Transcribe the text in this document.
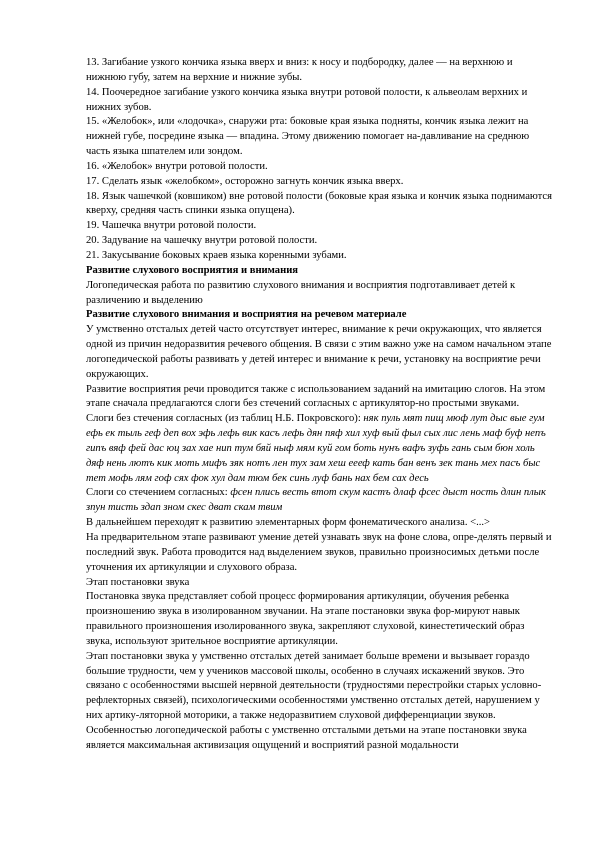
13. Загибание узкого кончика языка вверх и вниз: к носу и подбородку, далее — на верхнюю и нижнюю губу, затем на верхние и нижние зубы.

14. Поочередное загибание узкого кончика языка внутри ротовой полости, к альвеолам верхних и нижних зубов.

15. «Желобок», или «лодочка», снаружи рта: боковые края языка подняты, кончик языка лежит на нижней губе, посредине языка — впадина. Этому движению помогает на-давливание на среднюю часть языка шпателем или зондом.

16. «Желобок» внутри ротовой полости.

17. Сделать язык «желобком», осторожно загнуть кончик языка вверх.

18. Язык чашечкой (ковшиком) вне ротовой полости (боковые края языка и кончик языка поднимаются кверху, средняя часть спинки языка опущена).

19. Чашечка внутри ротовой полости.

20. Задувание на чашечку внутри ротовой полости.

21. Закусывание боковых краев языка коренными зубами.

Развитие слухового восприятия и внимания

Логопедическая работа по развитию слухового внимания и восприятия подготавливает детей к различению и выделению

Развитие слухового внимания и восприятия на речевом материале

У умственно отсталых детей часто отсутствует интерес, внимание к речи окружающих, что является одной из причин недоразвития речевого общения. В связи с этим важно уже на самом начальном этапе логопедической работы развивать у детей интерес и внимание к речи, установку на восприятие речи окружающих.

Развитие восприятия речи проводится также с использованием заданий на имитацию слогов. На этом этапе сначала предлагаются слоги без стечений согласных с артикулятор-но простыми звуками.

Слоги без стечения согласных (из таблиц Н.Б. Покровского): няк пуль мят пищ мюф лут дыс вые гум ефь ек тыль геф деп вох эфь лефь вик касъ лефь дян пяф хил хуф вый фыл сых лис лень маф буф непъ гипъ вяф фей дас юц зах хае нип тум бяй ныф мям куй гом боть нунъ вафъ зуфь гань сым бюн холь дяф нень лютъ кик моть мифъ зяк нотъ лен тух зам хеш еееф кать бан венъ зек тань мех пасъ быс тет мофь лям гоф сях фок хул дам тюм бек синь луф бань нах бем сах десь

Слоги со стечением согласных: фсен плись весть втот скум кастъ длаф фсес дыст ность длин плык зпун тисть здап зном скес дват скам твим

В дальнейшем переходят к развитию элементарных форм фонематического анализа. <...>

На предварительном этапе развивают умение детей узнавать звук на фоне слова, опре-делять первый и последний звук. Работа проводится над выделением звуков, правильно произносимых детьми после уточнения их артикуляции и слухового образа.

Этап постановки звука

Постановка звука представляет собой процесс формирования артикуляции, обучения ребенка произношению звука в изолированном звучании. На этапе постановки звука фор-мируют навык правильного произношения изолированного звука, закрепляют слуховой, кинестетический образ звука, используют зрительное восприятие артикуляции.

Этап постановки звука у умственно отсталых детей занимает больше времени и вызывает гораздо большие трудности, чем у учеников массовой школы, особенно в случаях искажений звуков. Это связано с особенностями высшей нервной деятельности (трудностями перестройки старых условно-рефлекторных связей), психологическими особенностями умственно отсталых детей, нарушением у них артику-ляторной моторики, а также недоразвитием слуховой дифференциации звуков.

Особенностью логопедической работы с умственно отсталыми детьми на этапе постановки звука является максимальная активизация ощущений и восприятий разной модальности
